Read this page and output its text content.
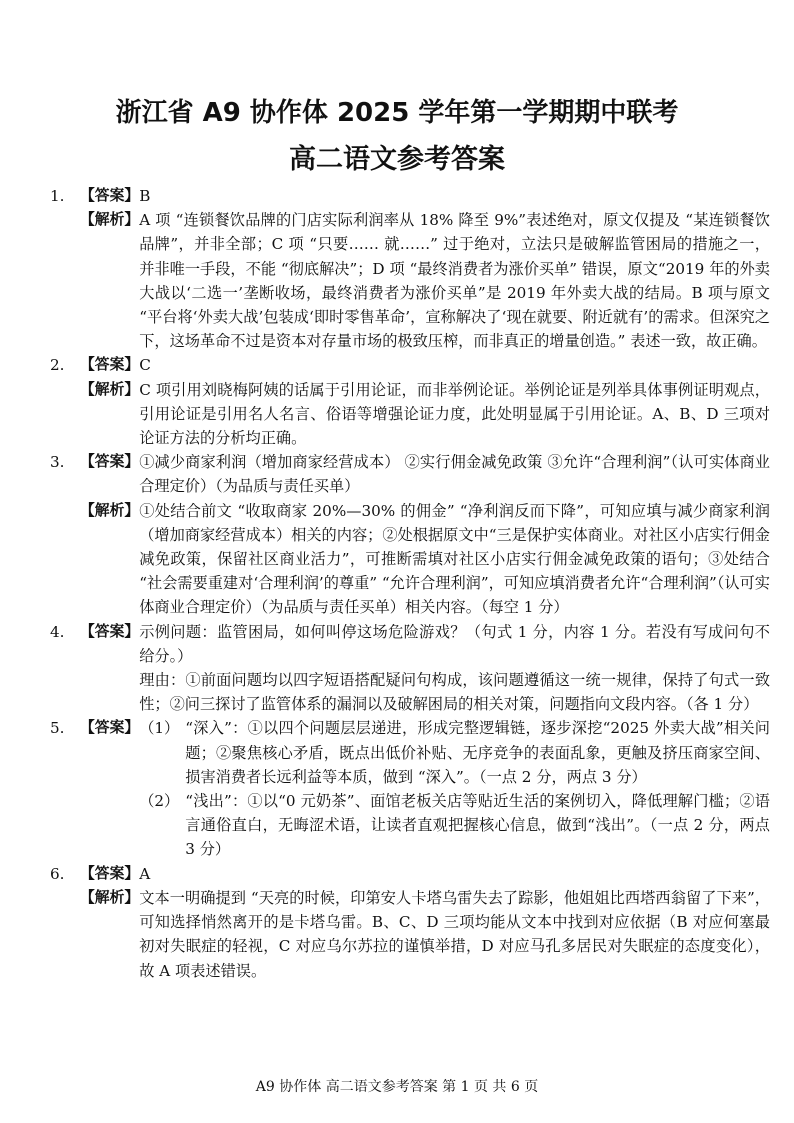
浙江省 A9 协作体 2025 学年第一学期期中联考
高二语文参考答案
1.	【答案】 B
【解析】 A 项 “连锁餐饮品牌的门店实际利润率从 18% 降至 9%”表述绝对，原文仅提及 “某连锁餐饮品牌”，并非全部；C 项 “只要…… 就……” 过于绝对，立法只是破解监管困局的措施之一，并非唯一手段，不能 “彻底解决”；D 项 “最终消费者为涨价买单” 错误，原文“2019 年的外卖大战以‘二选一’垄断收场，最终消费者为涨价买单”是 2019 年外卖大战的结局。B 项与原文 “平台将‘外卖大战’包装成‘即时零售革命’，宣称解决了‘现在就要、附近就有’的需求。但深究之下，这场革命不过是资本对存量市场的极致压榨，而非真正的增量创造。” 表述一致，故正确。
2.	【答案】 C
【解析】 C 项引用刘晓梅阿姨的话属于引用论证，而非举例论证。举例论证是列举具体事例证明观点，引用论证是引用名人名言、俗语等增强论证力度，此处明显属于引用论证。A、B、D 三项对论证方法的分析均正确。
3.	【答案】 ①减少商家利润（增加商家经营成本） ②实行佣金减免政策 ③允许“合理利润”（认可实体商业合理定价）（为品质与责任买单）
【解析】 ①处结合前文 “收取商家 20%—30% 的佣金” “净利润反而下降”，可知应填与减少商家利润（增加商家经营成本）相关的内容；②处根据原文中“三是保护实体商业。对社区小店实行佣金减免政策，保留社区商业活力”，可推断需填对社区小店实行佣金减免政策的语句；③处结合 “社会需要重建对‘合理利润’的尊重” “允许合理利润”，可知应填消费者允许“合理利润”（认可实体商业合理定价）（为品质与责任买单）相关内容。（每空 1 分）
4.	【答案】 示例问题：监管困局，如何叫停这场危险游戏？（句式 1 分，内容 1 分。若没有写成问句不给分。）
理由：①前面问题均以四字短语搭配疑问句构成，该问题遵循这一统一规律，保持了句式一致性；②问三探讨了监管体系的漏洞以及破解困局的相关对策，问题指向文段内容。（各 1 分）
5.	【答案】 （1） “深入”：①以四个问题层层递进，形成完整逻辑链，逐步深挖“2025 外卖大战”相关问题；②聚焦核心矛盾，既点出低价补贴、无序竞争的表面乱象，更触及挤压商家空间、损害消费者长远利益等本质，做到 “深入”。（一点 2 分，两点 3 分）
（2） “浅出”：①以“0 元奶茶”、面馆老板关店等贴近生活的案例切入，降低理解门槛；②语言通俗直白，无晦涩术语，让读者直观把握核心信息，做到“浅出”。（一点 2 分，两点 3 分）
6.	【答案】 A
【解析】 文本一明确提到 “天亮的时候，印第安人卡塔乌雷失去了踪影，他姐姐比西塔西翁留了下来”，可知选择悄然离开的是卡塔乌雷。B、C、D 三项均能从文本中找到对应依据（B 对应何塞最初对失眠症的轻视，C 对应乌尔苏拉的谨慎举措，D 对应马孔多居民对失眠症的态度变化），故 A 项表述错误。
A9 协作体 高二语文参考答案 第 1 页 共 6 页
